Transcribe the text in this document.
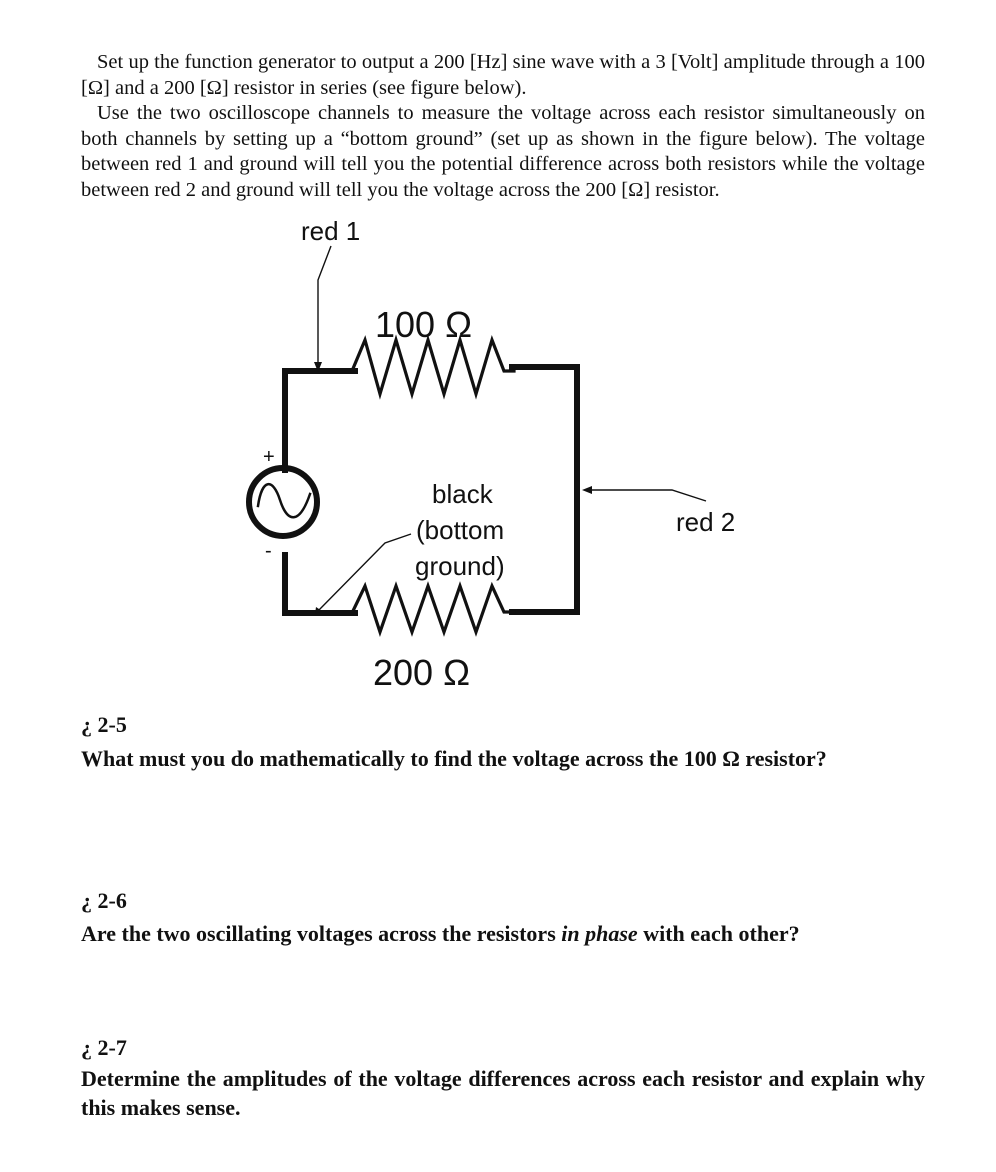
Set up the function generator to output a 200 [Hz] sine wave with a 3 [Volt] amplitude through a 100 [Ω] and a 200 [Ω] resistor in series (see figure below).
Use the two oscilloscope channels to measure the voltage across each resistor simultaneously on both channels by setting up a “bottom ground” (set up as shown in the figure below). The voltage between red 1 and ground will tell you the potential difference across both resistors while the voltage between red 2 and ground will tell you the voltage across the 200 [Ω] resistor.
+
-
red 1
100 Ω
black
(bottom
ground)
red 2
200 Ω
¿ 2-5
What must you do mathematically to find the voltage across the 100 Ω resistor?
¿ 2-6
Are the two oscillating voltages across the resistors in phase with each other?
¿ 2-7
Determine the amplitudes of the voltage differences across each resistor and explain why this makes sense.
